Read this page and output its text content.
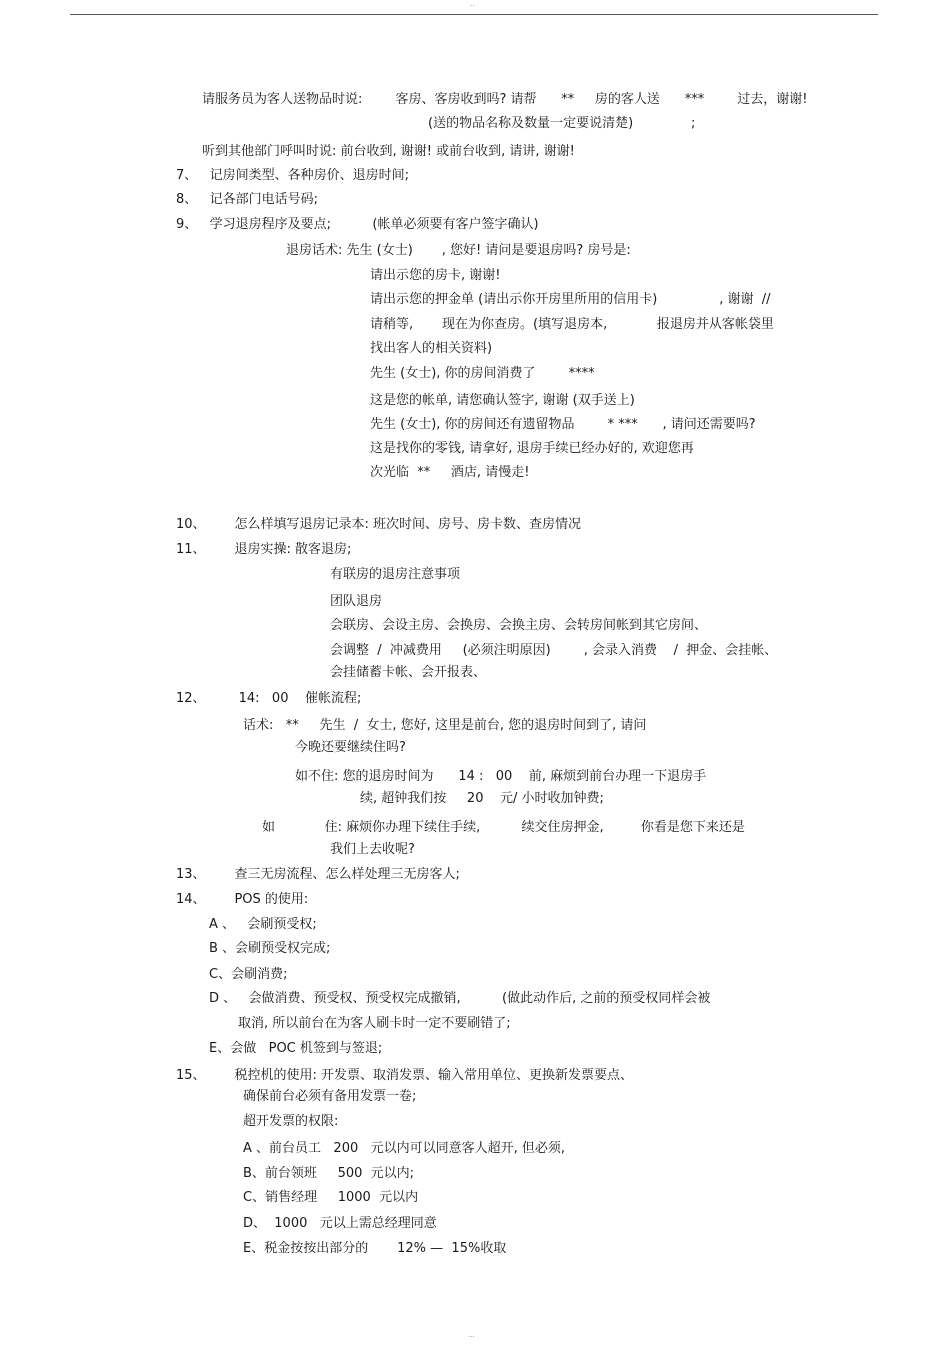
··
请服务员为客人送物品时说:        客房、客房收到吗? 请帮      **     房的客人送      ***        过去，谢谢!
(送的物品名称及数量一定要说清楚)              ;
听到其他部门呼叫时说: 前台收到, 谢谢! 或前台收到, 请讲, 谢谢!
7、   记房间类型、各种房价、退房时间;
8、   记各部门电话号码;
9、   学习退房程序及要点;          (帐单必须要有客户签字确认)
退房话术: 先生 (女士)       , 您好! 请问是要退房吗? 房号是:
请出示您的房卡, 谢谢!
请出示您的押金单 (请出示你开房里所用的信用卡)               , 谢谢  //
请稍等,       现在为你查房。(填写退房本,            报退房并从客帐袋里
找出客人的相关资料)
先生 (女士), 你的房间消费了        ****
这是您的帐单, 请您确认签字, 谢谢 (双手送上)
先生 (女士), 你的房间还有遗留物品        * ***      , 请问还需要吗?
这是找你的零钱, 请拿好, 退房手续已经办好的, 欢迎您再
次光临  **     酒店, 请慢走!
10、       怎么样填写退房记录本: 班次时间、房号、房卡数、查房情况
11、       退房实操: 散客退房;
有联房的退房注意事项
团队退房
会联房、会设主房、会换房、会换主房、会转房间帐到其它房间、
会调整  /  冲减费用     (必须注明原因)        , 会录入消费    /  押金、会挂帐、
会挂储蓄卡帐、会开报表、
12、        14:   00    催帐流程;
话术:   **     先生  /  女士, 您好, 这里是前台, 您的退房时间到了, 请问
今晚还要继续住吗?
如不住: 您的退房时间为      14 :   00    前, 麻烦到前台办理一下退房手
续, 超钟我们按     20    元/ 小时收加钟费;
如            住: 麻烦你办理下续住手续,          续交住房押金,         你看是您下来还是
我们上去收呢?
13、       查三无房流程、怎么样处理三无房客人;
14、       POS 的使用:
A 、   会刷预受权;
B 、会刷预受权完成;
C、会刷消费;
D 、   会做消费、预受权、预受权完成撤销,          (做此动作后, 之前的预受权同样会被
取消, 所以前台在为客人刷卡时一定不要刷错了;
E、会做   POC 机签到与签退;
15、       税控机的使用: 开发票、取消发票、输入常用单位、更换新发票要点、
确保前台必须有备用发票一卷;
超开发票的权限:
A 、前台员工   200   元以内可以同意客人超开, 但必须,
B、前台领班     500  元以内;
C、销售经理     1000  元以内
D、  1000   元以上需总经理同意
E、税金按按出部分的       12% —  15%收取
···
